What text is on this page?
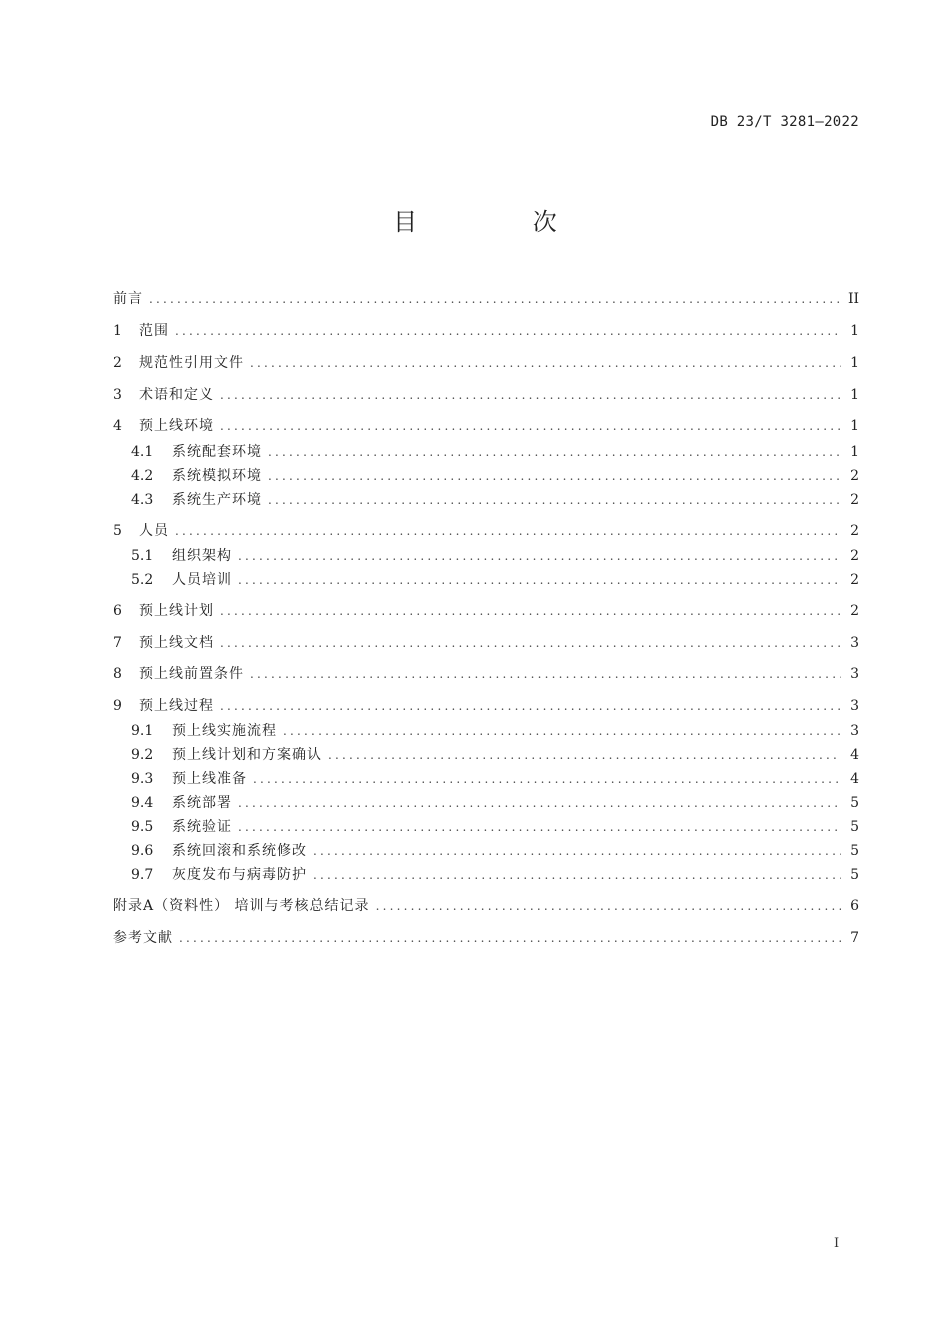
DB 23/T 3281—2022
目 次
前言 .....	II
1	范围 .....	1
2	规范性引用文件 .....	1
3	术语和定义 .....	1
4	预上线环境 .....	1
4.1	系统配套环境 .....	1
4.2	系统模拟环境 .....	2
4.3	系统生产环境 .....	2
5	人员 .....	2
5.1	组织架构 .....	2
5.2	人员培训 .....	2
6	预上线计划 .....	2
7	预上线文档 .....	3
8	预上线前置条件 .....	3
9	预上线过程 .....	3
9.1	预上线实施流程 .....	3
9.2	预上线计划和方案确认 .....	4
9.3	预上线准备 .....	4
9.4	系统部署 .....	5
9.5	系统验证 .....	5
9.6	系统回滚和系统修改 .....	5
9.7	灰度发布与病毒防护 .....	5
附录A（资料性） 培训与考核总结记录 .....	6
参考文献 .....	7
I
